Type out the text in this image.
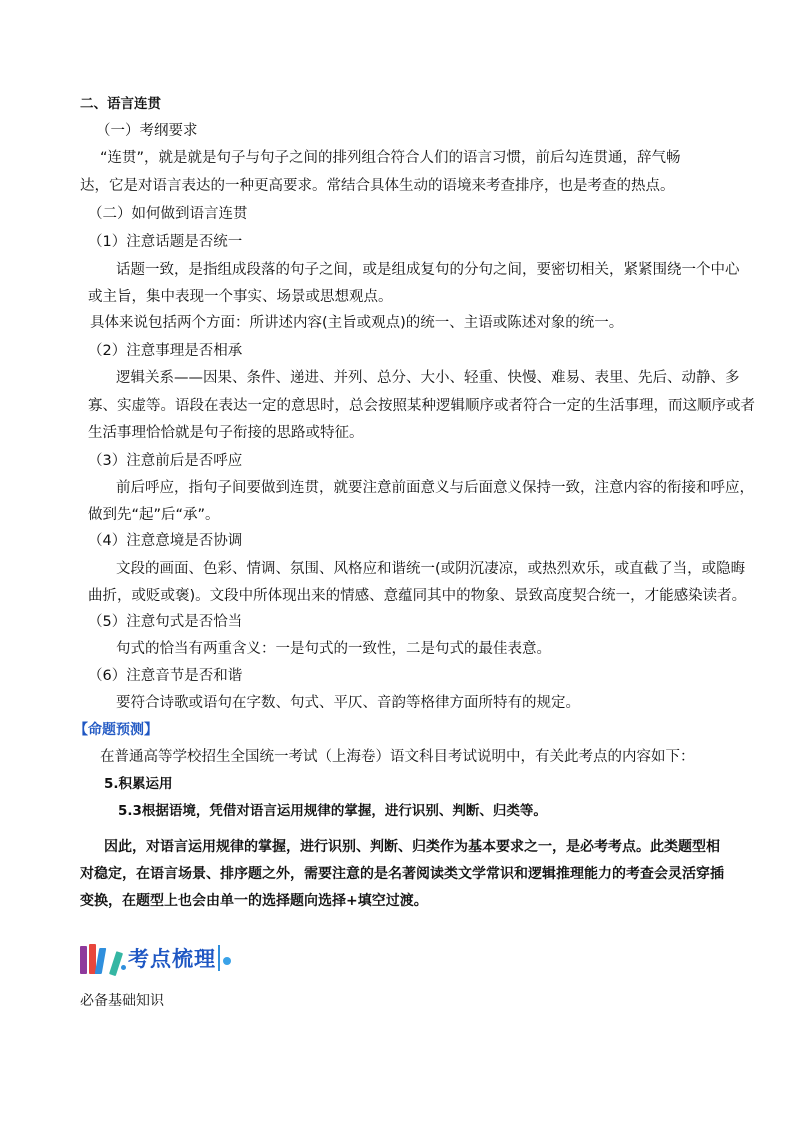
二、语言连贯
（一）考纲要求
“连贯”，就是就是句子与句子之间的排列组合符合人们的语言习惯，前后勾连贯通，辞气畅
达，它是对语言表达的一种更高要求。常结合具体生动的语境来考查排序，也是考查的热点。
（二）如何做到语言连贯
（1）注意话题是否统一
话题一致，是指组成段落的句子之间，或是组成复句的分句之间，要密切相关，紧紧围绕一个中心
或主旨，集中表现一个事实、场景或思想观点。
具体来说包括两个方面：所讲述内容(主旨或观点)的统一、主语或陈述对象的统一。
（2）注意事理是否相承
逻辑关系——因果、条件、递进、并列、总分、大小、轻重、快慢、难易、表里、先后、动静、多
寡、实虚等。语段在表达一定的意思时，总会按照某种逻辑顺序或者符合一定的生活事理，而这顺序或者
生活事理恰恰就是句子衔接的思路或特征。
（3）注意前后是否呼应
前后呼应，指句子间要做到连贯，就要注意前面意义与后面意义保持一致，注意内容的衔接和呼应，
做到先“起”后“承”。
（4）注意意境是否协调
文段的画面、色彩、情调、氛围、风格应和谐统一(或阴沉凄凉，或热烈欢乐，或直截了当，或隐晦
曲折，或贬或褒)。文段中所体现出来的情感、意蕴同其中的物象、景致高度契合统一，才能感染读者。
（5）注意句式是否恰当
句式的恰当有两重含义：一是句式的一致性，二是句式的最佳表意。
（6）注意音节是否和谐
要符合诗歌或语句在字数、句式、平仄、音韵等格律方面所特有的规定。
【命题预测】
在普通高等学校招生全国统一考试（上海卷）语文科目考试说明中，有关此考点的内容如下：
5.积累运用
5.3根据语境，凭借对语言运用规律的掌握，进行识别、判断、归类等。
因此，对语言运用规律的掌握，进行识别、判断、归类作为基本要求之一，是必考考点。此类题型相
对稳定，在语言场景、排序题之外，需要注意的是名著阅读类文学常识和逻辑推理能力的考查会灵活穿插
变换，在题型上也会由单一的选择题向选择+填空过渡。
考点梳理
必备基础知识
